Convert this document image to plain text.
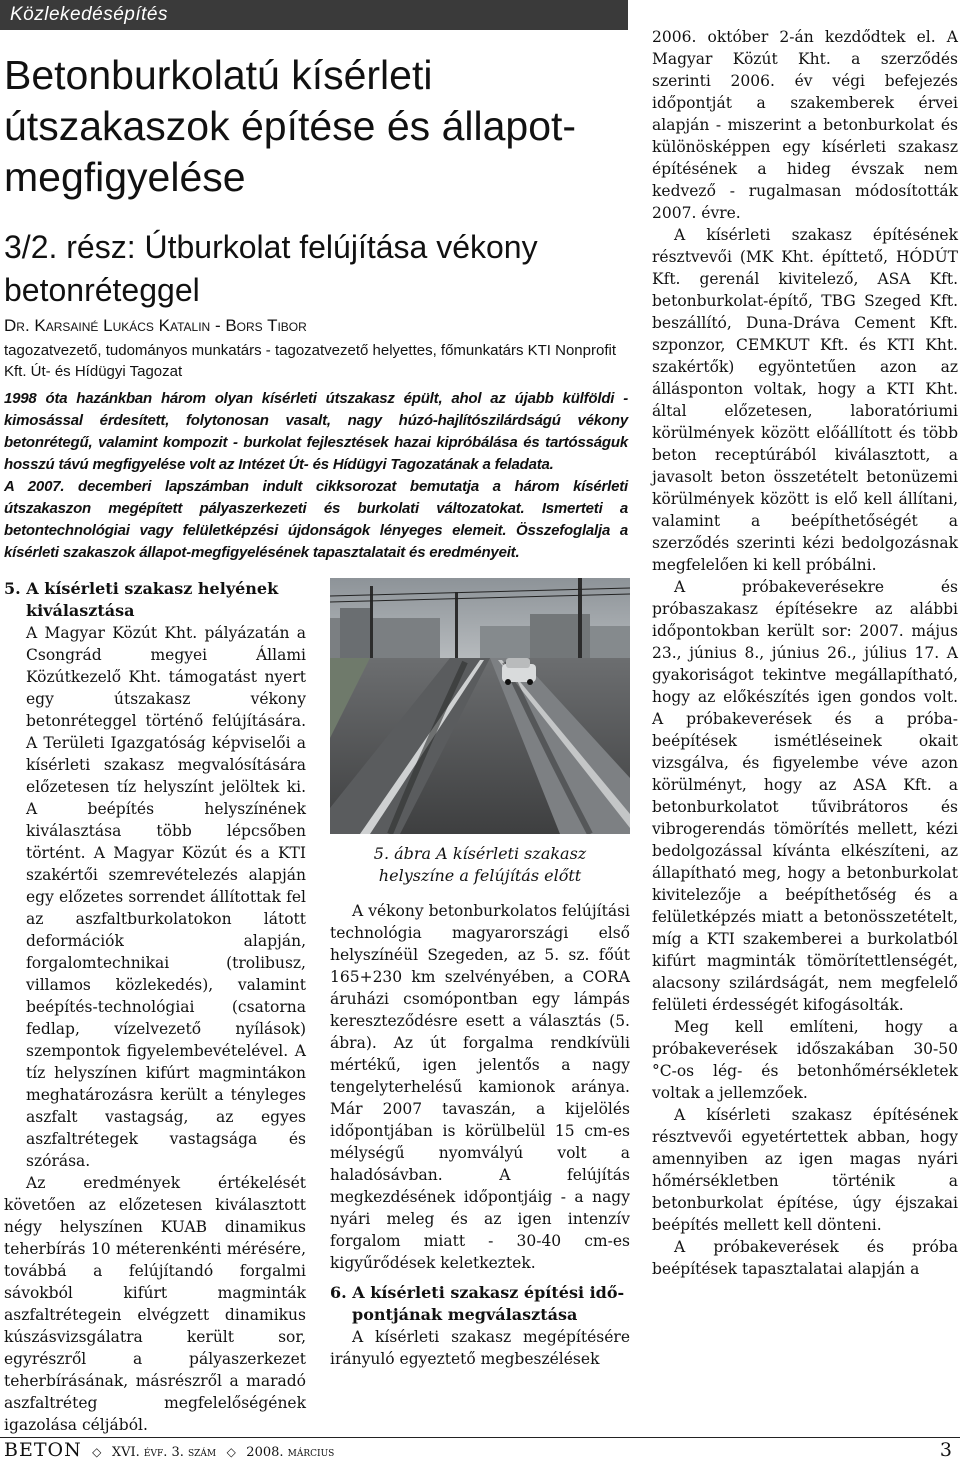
Közlekedésépítés
Betonburkolatú kísérleti útszakaszok építése és állapot-megfigyelése
3/2. rész: Útburkolat felújítása vékony betonréteggel
Dr. Karsainé Lukács Katalin - Bors Tibor
tagozatvezető, tudományos munkatárs - tagozatvezető helyettes, főmunkatárs KTI Nonprofit Kft. Út- és Hídügyi Tagozat

1998 óta hazánkban három olyan kísérleti útszakasz épült, ahol az újabb külföldi - kimosással érdesített, folytonosan vasalt, nagy húzó-hajlítószilárdságú vékony betonrétegű, valamint kompozit - burkolat fejlesztések hazai kipróbálása és tartósságuk hosszú távú megfigyelése volt az Intézet Út- és Hídügyi Tagozatának a feladata.

A 2007. decemberi lapszámban indult cikksorozat bemutatja a három kísérleti útszakaszon megépített pályaszerkezeti és burkolati változatokat. Ismerteti a betontechnológiai vagy felületképzési újdonságok lényeges elemeit. Összefoglalja a kísérleti szakaszok állapot-megfigyelésének tapasztalatait és eredményeit.

5. A kísérleti szakasz helyének
kiválasztása

A Magyar Közút Kht. pályázatán a Csongrád megyei Állami Közútkezelő Kht. támogatást nyert egy útszakasz vékony betonréteggel történő felújítására. A Területi Igazgatóság képviselői a kísérleti szakasz megvalósítására előzetesen tíz helyszínt jelöltek ki. A beépítés helyszínének kiválasztása több lépcsőben történt. A Magyar Közút és a KTI szakértői szemrevételezés alapján egy előzetes sorrendet állítottak fel az aszfaltburkolatokon látott deformációk alapján, forgalomtechnikai (trolibusz, villamos közlekedés), valamint beépítés-technológiai (csatorna fedlap, vízelvezető nyílások) szempontok figyelembevételével. A tíz helyszínen kifúrt magmintákon meghatározásra került a tényleges aszfalt vastagság, az egyes aszfaltrétegek vastagsága és szórása.

Az eredmények értékelését követően az előzetesen kiválasztott négy helyszínen KUAB dinamikus teherbírás 10 méterenkénti mérésére, továbbá a felújítandó forgalmi sávokból kifúrt magminták aszfaltrétegein elvégzett dinamikus kúszásvizsgálatra került sor, egyrészről a pályaszerkezet teherbírásának, másrészről a maradó aszfaltréteg megfelelőségének igazolása céljából.

5. ábra A kísérleti szakasz
helyszíne a felújítás előtt

A vékony betonburkolatos felújítási technológia magyarországi első helyszínéül Szegeden, az 5. sz. főút 165+230 km szelvényében, a CORA áruházi csomópontban egy lámpás kereszteződésre esett a választás (5. ábra). Az út forgalma rendkívüli mértékű, igen jelentős a nagy tengelyterhelésű kamionok aránya. Már 2007 tavaszán, a kijelölés időpontjában is körülbelül 15 cm-es mélységű nyomvályú volt a haladósávban. A felújítás megkezdésének időpontjáig - a nagy nyári meleg és az igen intenzív forgalom miatt - 30-40 cm-es kigyűrődések keletkeztek.

6. A kísérleti szakasz építési idő-
pontjának megválasztása

A kísérleti szakasz megépítésére irányuló egyeztető megbeszélések

2006. október 2-án kezdődtek el. A Magyar Közút Kht. a szerződés szerinti 2006. év végi befejezés időpontját a szakemberek érvei alapján - miszerint a betonburkolat és különösképpen egy kísérleti szakasz építésének a hideg évszak nem kedvező - rugalmasan módosították 2007. évre.

A kísérleti szakasz építésének résztvevői (MK Kht. építtető, HÓDÚT Kft. gerenál kivitelező, ASA Kft. betonburkolat-építő, TBG Szeged Kft. beszállító, Duna-Dráva Cement Kft. szponzor, CEMKUT Kft. és KTI Kht. szakértők) egyöntetűen azon az állásponton voltak, hogy a KTI Kht. által előzetesen, laboratóriumi körülmények között előállított és több beton receptúrából kiválasztott, a javasolt beton összetételt betonüzemi körülmények között is elő kell állítani, valamint a beépíthetőségét a szerződés szerinti kézi bedolgozásnak megfelelően ki kell próbálni.

A próbakeverésekre és próbaszakasz építésekre az alábbi időpontokban került sor: 2007. május 23., június 8., június 26., július 17. A gyakoriságot tekintve megállapítható, hogy az előkészítés igen gondos volt. A próbakeverések és a próba-beépítések ismétléseinek okait vizsgálva, és figyelembe véve azon körülményt, hogy az ASA Kft. a betonburkolatot tűvibrátoros és vibrogerendás tömörítés mellett, kézi bedolgozással kívánta elkészíteni, az állapítható meg, hogy a betonburkolat kivitelezője a beépíthetőség és a felületképzés miatt a betonösszetételt, míg a KTI szakemberei a burkolatból kifúrt magminták tömörítettlenségét, alacsony szilárdságát, nem megfelelő felületi érdességét kifogásolták.

Meg kell említeni, hogy a próbakeverések időszakában 30-50 °C-os lég- és betonhőmérsékletek voltak a jellemzőek.

A kísérleti szakasz építésének résztvevői egyetértettek abban, hogy amennyiben az igen magas nyári hőmérsékletben történik a betonburkolat építése, úgy éjszakai beépítés mellett kell dönteni.

A próbakeverések és próba beépítések tapasztalatai alapján a

BETON ◇ XVI. évf. 3. szám ◇ 2008. március	3
